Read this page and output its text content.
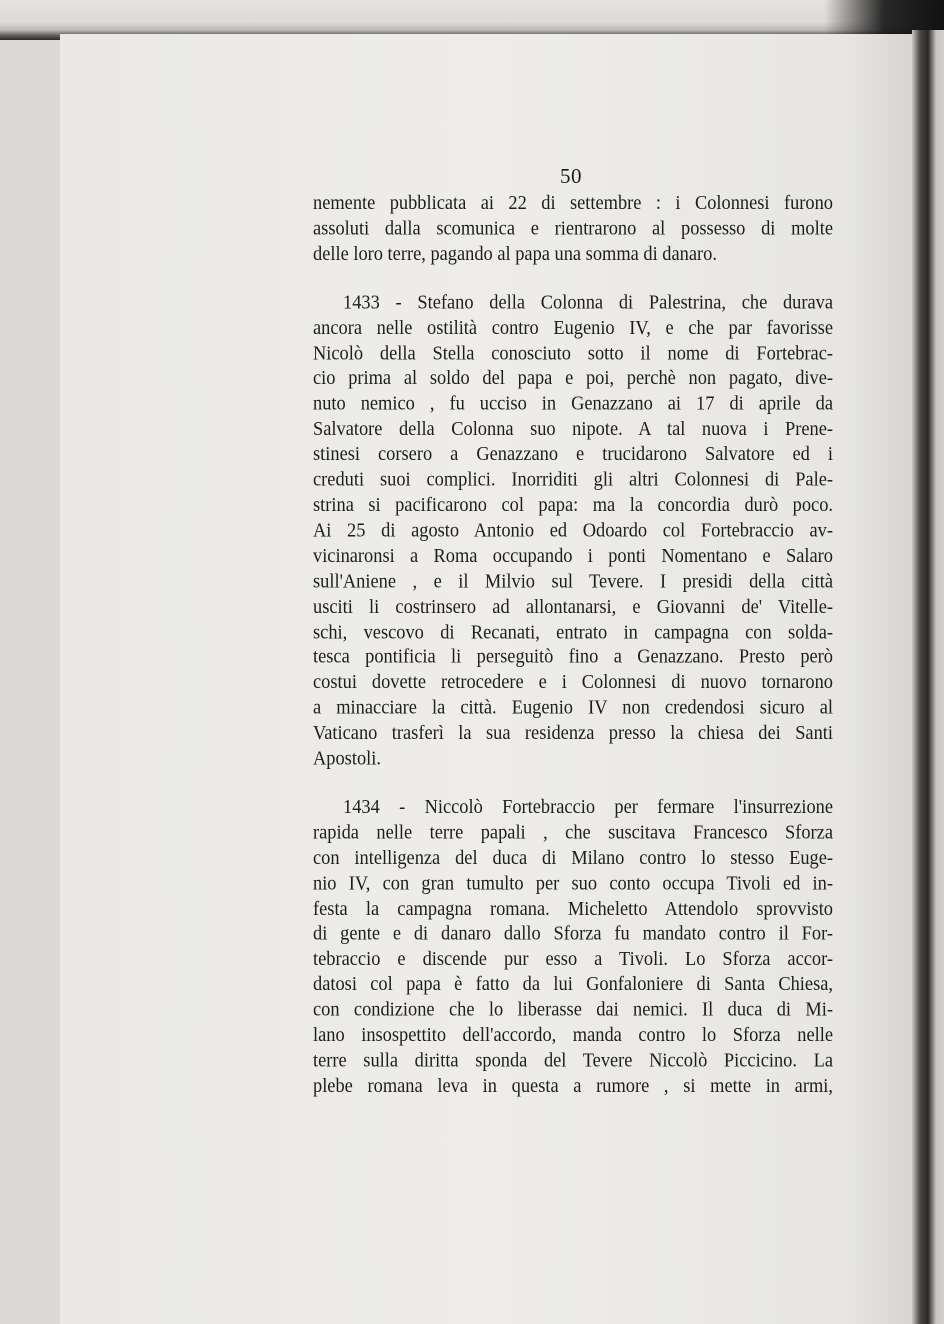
50
nemente pubblicata ai 22 di settembre : i Colonnesi furono
assoluti dalla scomunica e rientrarono al possesso di molte
delle loro terre, pagando al papa una somma di danaro.
1433 - Stefano della Colonna di Palestrina, che durava
ancora nelle ostilità contro Eugenio IV, e che par favorisse
Nicolò della Stella conosciuto sotto il nome di Fortebrac-
cio prima al soldo del papa e poi, perchè non pagato, dive-
nuto nemico , fu ucciso in Genazzano ai 17 di aprile da
Salvatore della Colonna suo nipote. A tal nuova i Prene-
stinesi corsero a Genazzano e trucidarono Salvatore ed i
creduti suoi complici. Inorriditi gli altri Colonnesi di Pale-
strina si pacificarono col papa: ma la concordia durò poco.
Ai 25 di agosto Antonio ed Odoardo col Fortebraccio av-
vicinaronsi a Roma occupando i ponti Nomentano e Salaro
sull'Aniene , e il Milvio sul Tevere. I presidi della città
usciti li costrinsero ad allontanarsi, e Giovanni de' Vitelle-
schi, vescovo di Recanati, entrato in campagna con solda-
tesca pontificia li perseguitò fino a Genazzano. Presto però
costui dovette retrocedere e i Colonnesi di nuovo tornarono
a minacciare la città. Eugenio IV non credendosi sicuro al
Vaticano trasferì la sua residenza presso la chiesa dei Santi
Apostoli.
1434 - Niccolò Fortebraccio per fermare l'insurrezione
rapida nelle terre papali , che suscitava Francesco Sforza
con intelligenza del duca di Milano contro lo stesso Euge-
nio IV, con gran tumulto per suo conto occupa Tivoli ed in-
festa la campagna romana. Micheletto Attendolo sprovvisto
di gente e di danaro dallo Sforza fu mandato contro il For-
tebraccio e discende pur esso a Tivoli. Lo Sforza accor-
datosi col papa è fatto da lui Gonfaloniere di Santa Chiesa,
con condizione che lo liberasse dai nemici. Il duca di Mi-
lano insospettito dell'accordo, manda contro lo Sforza nelle
terre sulla diritta sponda del Tevere Niccolò Piccicino. La
plebe romana leva in questa a rumore , si mette in armi,
